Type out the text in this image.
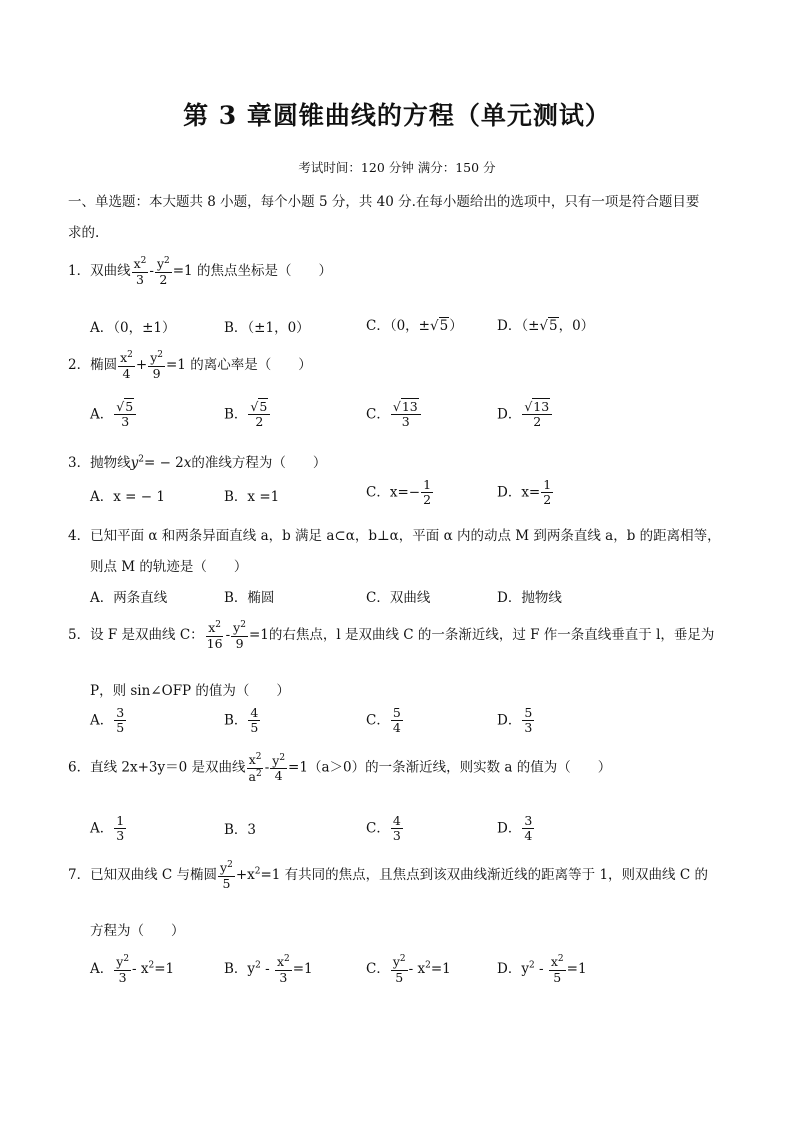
第 3 章圆锥曲线的方程（单元测试）
考试时间：120 分钟 满分：150 分
一、单选题：本大题共 8 小题，每个小题 5 分，共 40 分.在每小题给出的选项中，只有一项是符合题目要
求的.
1．双曲线 $\frac{x^2}{3} - \frac{y^2}{2} =1$ 的焦点坐标是（　　）
A．（0，±1）	B．（±1，0）	C．（0，±√5）	D．（±√5，0）
2．椭圆 $\frac{x^2}{4} + \frac{y^2}{9} =1$ 的离心率是（　　）
A． $\frac{√5}{3}$	B． $\frac{√5}{2}$	C． $\frac{√13}{3}$	D． $\frac{√13}{2}$
3．抛物线$y^2= - 2x$的准线方程为（　　）
A．x = − 1	B．x =1	C．$x=- \frac{1}{2}$	D．$x= \frac{1}{2}$
4．已知平面 α 和两条异面直线 a，b 满足 a⊂α，b⊥α，平面 α 内的动点 M 到两条直线 a，b 的距离相等，
则点 M 的轨迹是（　　）
A．两条直线	B．椭圆	C．双曲线	D．抛物线
5．设 F 是双曲线 C： $\frac{x^2}{16} - \frac{y^2}{9} =1$的右焦点，l 是双曲线 C 的一条渐近线，过 F 作一条直线垂直于 l，垂足为
P，则 sin∠OFP 的值为（　　）
A． $\frac{3}{5}$	B． $\frac{4}{5}$	C． $\frac{5}{4}$	D． $\frac{5}{3}$
6．直线 2x+3y＝0 是双曲线 $\frac{x^2}{a^2} - \frac{y^2}{4} =1(a>0)$的一条渐近线，则实数 a 的值为（　　）
A． $\frac{1}{3}$	B．3	C． $\frac{4}{3}$	D． $\frac{3}{4}$
7．已知双曲线 C 与椭圆 $\frac{y^2}{5} +x^2=1$ 有共同的焦点，且焦点到该双曲线渐近线的距离等于 1，则双曲线 C 的
方程为（　　）
A． $\frac{y^2}{3} - x^2=1$	B．$y^2 - \frac{x^2}{3} =1$	C． $\frac{y^2}{5} - x^2=1$	D．$y^2 - \frac{x^2}{5} =1$
